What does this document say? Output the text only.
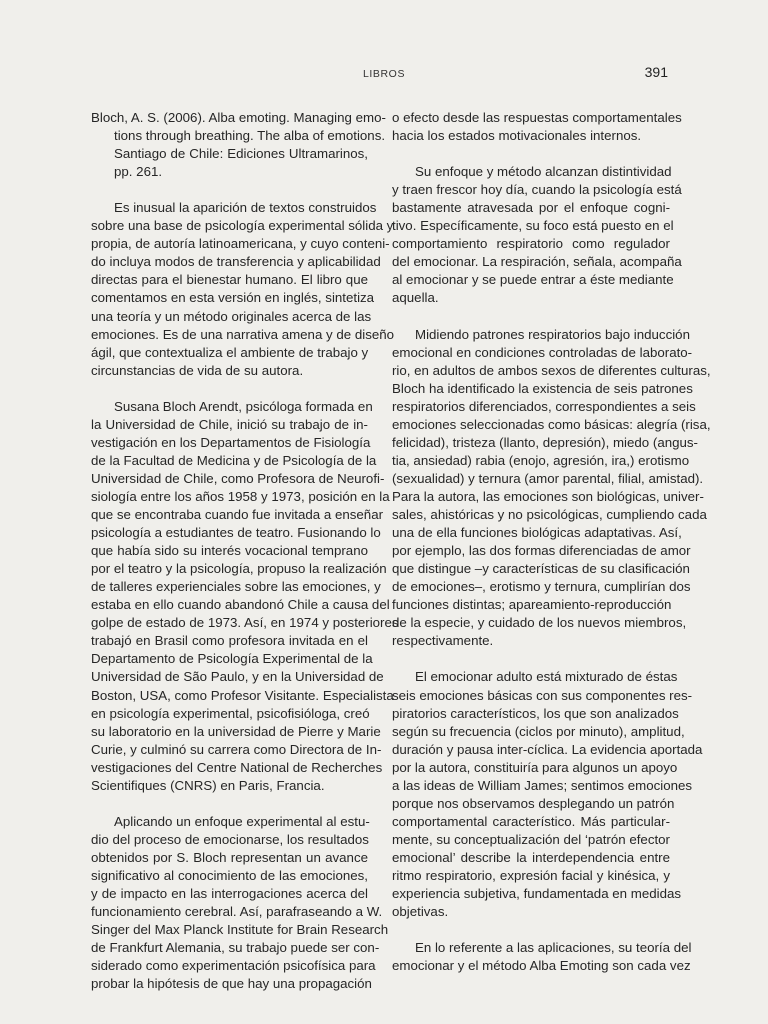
LIBROS	391
Bloch, A. S. (2006). Alba emoting. Managing emo-
tions through breathing. The alba of emotions.
Santiago de Chile: Ediciones Ultramarinos,
pp. 261.
Es inusual la aparición de textos construidos
sobre una base de psicología experimental sólida y
propia, de autoría latinoamericana, y cuyo conteni-
do incluya modos de transferencia y aplicabilidad
directas para el bienestar humano. El libro que
comentamos en esta versión en inglés, sintetiza
una teoría y un método originales acerca de las
emociones. Es de una narrativa amena y de diseño
ágil, que contextualiza el ambiente de trabajo y
circunstancias de vida de su autora.
Susana Bloch Arendt, psicóloga formada en
la Universidad de Chile, inició su trabajo de in-
vestigación en los Departamentos de Fisiología
de la Facultad de Medicina y de Psicología de la
Universidad de Chile, como Profesora de Neurofi-
siología entre los años 1958 y 1973, posición en la
que se encontraba cuando fue invitada a enseñar
psicología a estudiantes de teatro. Fusionando lo
que había sido su interés vocacional temprano
por el teatro y la psicología, propuso la realización
de talleres experienciales sobre las emociones, y
estaba en ello cuando abandonó Chile a causa del
golpe de estado de 1973. Así, en 1974 y posteriores
trabajó en Brasil como profesora invitada en el
Departamento de Psicología Experimental de la
Universidad de São Paulo, y en la Universidad de
Boston, USA, como Profesor Visitante. Especialista
en psicología experimental, psicofisióloga, creó
su laboratorio en la universidad de Pierre y Marie
Curie, y culminó su carrera como Directora de In-
vestigaciones del Centre National de Recherches
Scientifiques (CNRS) en Paris, Francia.
Aplicando un enfoque experimental al estu-
dio del proceso de emocionarse, los resultados
obtenidos por S. Bloch representan un avance
significativo al conocimiento de las emociones,
y de impacto en las interrogaciones acerca del
funcionamiento cerebral. Así, parafraseando a W.
Singer del Max Planck Institute for Brain Research
de Frankfurt Alemania, su trabajo puede ser con-
siderado como experimentación psicofísica para
probar la hipótesis de que hay una propagación
o efecto desde las respuestas comportamentales
hacia los estados motivacionales internos.
Su enfoque y método alcanzan distintividad
y traen frescor hoy día, cuando la psicología está
bastamente atravesada por el enfoque cogni-
tivo. Específicamente, su foco está puesto en el
comportamiento respiratorio como regulador
del emocionar. La respiración, señala, acompaña
al emocionar y se puede entrar a éste mediante
aquella.
Midiendo patrones respiratorios bajo inducción
emocional en condiciones controladas de laborato-
rio, en adultos de ambos sexos de diferentes culturas,
Bloch ha identificado la existencia de seis patrones
respiratorios diferenciados, correspondientes a seis
emociones seleccionadas como básicas: alegría (risa,
felicidad), tristeza (llanto, depresión), miedo (angus-
tia, ansiedad) rabia (enojo, agresión, ira,) erotismo
(sexualidad) y ternura (amor parental, filial, amistad).
Para la autora, las emociones son biológicas, univer-
sales, ahistóricas y no psicológicas, cumpliendo cada
una de ella funciones biológicas adaptativas. Así,
por ejemplo, las dos formas diferenciadas de amor
que distingue –y características de su clasificación
de emociones–, erotismo y ternura, cumplirían dos
funciones distintas; apareamiento-reproducción
de la especie, y cuidado de los nuevos miembros,
respectivamente.
El emocionar adulto está mixturado de éstas
seis emociones básicas con sus componentes res-
piratorios característicos, los que son analizados
según su frecuencia (ciclos por minuto), amplitud,
duración y pausa inter-cíclica. La evidencia aportada
por la autora, constituiría para algunos un apoyo
a las ideas de William James; sentimos emociones
porque nos observamos desplegando un patrón
comportamental característico. Más particular-
mente, su conceptualización del ‘patrón efector
emocional’ describe la interdependencia entre
ritmo respiratorio, expresión facial y kinésica, y
experiencia subjetiva, fundamentada en medidas
objetivas.
En lo referente a las aplicaciones, su teoría del
emocionar y el método Alba Emoting son cada vez
